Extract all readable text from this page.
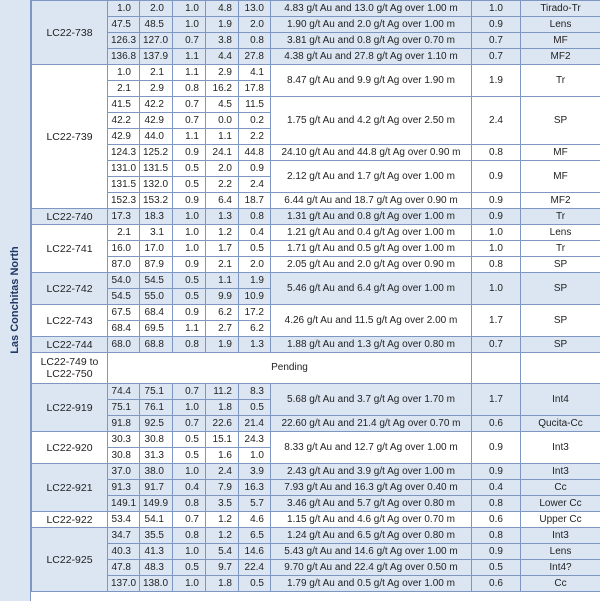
Las Conchitas North
LC22-738	1.0	2.0	1.0	4.8	13.0	4.83 g/t Au and 13.0 g/t Ag over 1.00 m	1.0	Tirado-Tr
	47.5	48.5	1.0	1.9	2.0	1.90 g/t Au and 2.0 g/t Ag over 1.00 m	0.9	Lens
	126.3	127.0	0.7	3.8	0.8	3.81 g/t Au and 0.8 g/t Ag over 0.70 m	0.7	MF
	136.8	137.9	1.1	4.4	27.8	4.38 g/t Au and 27.8 g/t Ag over 1.10 m	0.7	MF2
LC22-739	1.0	2.1	1.1	2.9	4.1	8.47 g/t Au and 9.9 g/t Ag over 1.90 m	1.9	Tr
	2.1	2.9	0.8	16.2	17.8			
	41.5	42.2	0.7	4.5	11.5	1.75 g/t Au and 4.2 g/t Ag over 2.50 m	2.4	SP
	42.2	42.9	0.7	0.0	0.2			
	42.9	44.0	1.1	1.1	2.2			
	124.3	125.2	0.9	24.1	44.8	24.10 g/t Au and 44.8 g/t Ag over 0.90 m	0.8	MF
	131.0	131.5	0.5	2.0	0.9	2.12 g/t Au and 1.7 g/t Ag over 1.00 m	0.9	MF
	131.5	132.0	0.5	2.2	2.4			
	152.3	153.2	0.9	6.4	18.7	6.44 g/t Au and 18.7 g/t Ag over 0.90 m	0.9	MF2
LC22-740	17.3	18.3	1.0	1.3	0.8	1.31 g/t Au and 0.8 g/t Ag over 1.00 m	0.9	Tr
LC22-741	2.1	3.1	1.0	1.2	0.4	1.21 g/t Au and 0.4 g/t Ag over 1.00 m	1.0	Lens
	16.0	17.0	1.0	1.7	0.5	1.71 g/t Au and 0.5 g/t Ag over 1.00 m	1.0	Tr
	87.0	87.9	0.9	2.1	2.0	2.05 g/t Au and 2.0 g/t Ag over 0.90 m	0.8	SP
LC22-742	54.0	54.5	0.5	1.1	1.9	5.46 g/t Au and 6.4 g/t Ag over 1.00 m	1.0	SP
	54.5	55.0	0.5	9.9	10.9			
LC22-743	67.5	68.4	0.9	6.2	17.2	4.26 g/t Au and 11.5 g/t Ag over 2.00 m	1.7	SP
	68.4	69.5	1.1	2.7	6.2			
LC22-744	68.0	68.8	0.8	1.9	1.3	1.88 g/t Au and 1.3 g/t Ag over 0.80 m	0.7	SP
LC22-749 to LC22-750	Pending							
LC22-919	74.4	75.1	0.7	11.2	8.3	5.68 g/t Au and 3.7 g/t Ag over 1.70 m	1.7	Int4
	75.1	76.1	1.0	1.8	0.5			
	91.8	92.5	0.7	22.6	21.4	22.60 g/t Au and 21.4 g/t Ag over 0.70 m	0.6	Qucita-Cc
LC22-920	30.3	30.8	0.5	15.1	24.3	8.33 g/t Au and 12.7 g/t Ag over 1.00 m	0.9	Int3
	30.8	31.3	0.5	1.6	1.0			
LC22-921	37.0	38.0	1.0	2.4	3.9	2.43 g/t Au and 3.9 g/t Ag over 1.00 m	0.9	Int3
	91.3	91.7	0.4	7.9	16.3	7.93 g/t Au and 16.3 g/t Ag over 0.40 m	0.4	Cc
	149.1	149.9	0.8	3.5	5.7	3.46 g/t Au and 5.7 g/t Ag over 0.80 m	0.8	Lower Cc
LC22-922	53.4	54.1	0.7	1.2	4.6	1.15 g/t Au and 4.6 g/t Ag over 0.70 m	0.6	Upper Cc
LC22-925	34.7	35.5	0.8	1.2	6.5	1.24 g/t Au and 6.5 g/t Ag over 0.80 m	0.8	Int3
	40.3	41.3	1.0	5.4	14.6	5.43 g/t Au and 14.6 g/t Ag over 1.00 m	0.9	Lens
	47.8	48.3	0.5	9.7	22.4	9.70 g/t Au and 22.4 g/t Ag over 0.50 m	0.5	Int4?
	137.0	138.0	1.0	1.8	0.5	1.79 g/t Au and 0.5 g/t Ag over 1.00 m	0.6	Cc
